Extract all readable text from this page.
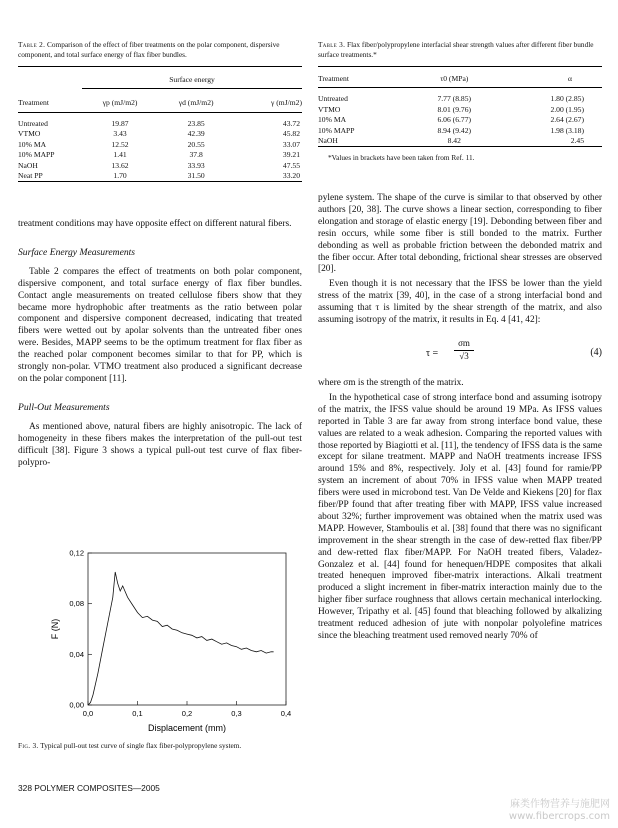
Table 2. Comparison of the effect of fiber treatments on the polar component, dispersive component, and total surface energy of flax fiber bundles.
	Surface energy		
Treatment	γp (mJ/m2)	γd (mJ/m2)	γ (mJ/m2)

Untreated	19.87	23.85	43.72
VTMO	3.43	42.39	45.82
10% MA	12.52	20.55	33.07
10% MAPP	1.41	37.8	39.21
NaOH	13.62	33.93	47.55
Neat PP	1.70	31.50	33.20

Table 3. Flax fiber/polypropylene interfacial shear strength values after different fiber bundle surface treatments.*
Treatment	τ0 (MPa)	α

Untreated	7.77 (8.85)	1.80 (2.85)
VTMO	8.01 (9.76)	2.00 (1.95)
10% MA	6.06 (6.77)	2.64 (2.67)
10% MAPP	8.94 (9.42)	1.98 (3.18)
NaOH	8.42	2.45

*Values in brackets have been taken from Ref. 11.

treatment conditions may have opposite effect on different natural fibers.

Surface Energy Measurements

Table 2 compares the effect of treatments on both polar component, dispersive component, and total surface energy of flax fiber bundles. Contact angle measurements on treated cellulose fibers show that they became more hydrophobic after treatments as the ratio between polar component and dispersive component decreased, indicating that treated fibers were wetted out by apolar solvents than the untreated fiber ones were. Besides, MAPP seems to be the optimum treatment for flax fiber as the reached polar component becomes similar to that for PP, which is strongly non-polar. VTMO treatment also produced a significant decrease on the polar component [11].

Pull-Out Measurements

As mentioned above, natural fibers are highly anisotropic. The lack of homogeneity in these fibers makes the interpretation of the pull-out test difficult [38]. Figure 3 shows a typical pull-out test curve of flax fiber-polypro-

0,0	0,1	0,2	0,3	0,4
0,00
0,04
0,08
0,12
Displacement (mm)
F (N)
Fig. 3. Typical pull-out test curve of single flax fiber-polypropylene system.

pylene system. The shape of the curve is similar to that observed by other authors [20, 38]. The curve shows a linear section, corresponding to fiber elongation and storage of elastic energy [19]. Debonding between fiber and resin occurs, while some fiber is still bonded to the matrix. Further debonding as well as probable friction between the debonded matrix and the fiber occur. After total debonding, frictional shear stresses are observed [20].

Even though it is not necessary that the IFSS be lower than the yield stress of the matrix [39, 40], in the case of a strong interfacial bond and assuming that τ is limited by the shear strength of the matrix, and also assuming isotropy of the matrix, it results in Eq. 4 [41, 42]:

τ =
σm
√3	(4)

where σm is the strength of the matrix.

In the hypothetical case of strong interface bond and assuming isotropy of the matrix, the IFSS value should be around 19 MPa. As IFSS values reported in Table 3 are far away from strong interface bond value, these values are related to a weak adhesion. Comparing the reported values with those reported by Biagiotti et al. [11], the tendency of IFSS data is the same except for silane treatment. MAPP and NaOH treatments increase IFSS around 15% and 8%, respectively. Joly et al. [43] found for ramie/PP system an increment of about 70% in IFSS value when MAPP treated fibers were used in microbond test. Van De Velde and Kiekens [20] for flax fiber/PP found that after treating fiber with MAPP, IFSS value increased about 32%; further improvement was obtained when the matrix used was MAPP. However, Stamboulis et al. [38] found that there was no significant improvement in the shear strength in the case of dew-retted flax fiber/PP and dew-retted flax fiber/MAPP. For NaOH treated fibers, Valadez-Gonzalez et al. [44] found for henequen/HDPE composites that alkali treated henequen improved fiber-matrix interactions. Alkali treatment produced a slight increment in fiber-matrix interaction mainly due to the higher fiber surface roughness that allows certain mechanical interlocking. However, Tripathy et al. [45] found that bleaching followed by alkalizing treatment reduced adhesion of jute with nonpolar polyolefine matrices since the bleaching treatment used removed nearly 70% of

328 POLYMER COMPOSITES—2005
麻类作物营养与施肥网
www.fibercrops.com
